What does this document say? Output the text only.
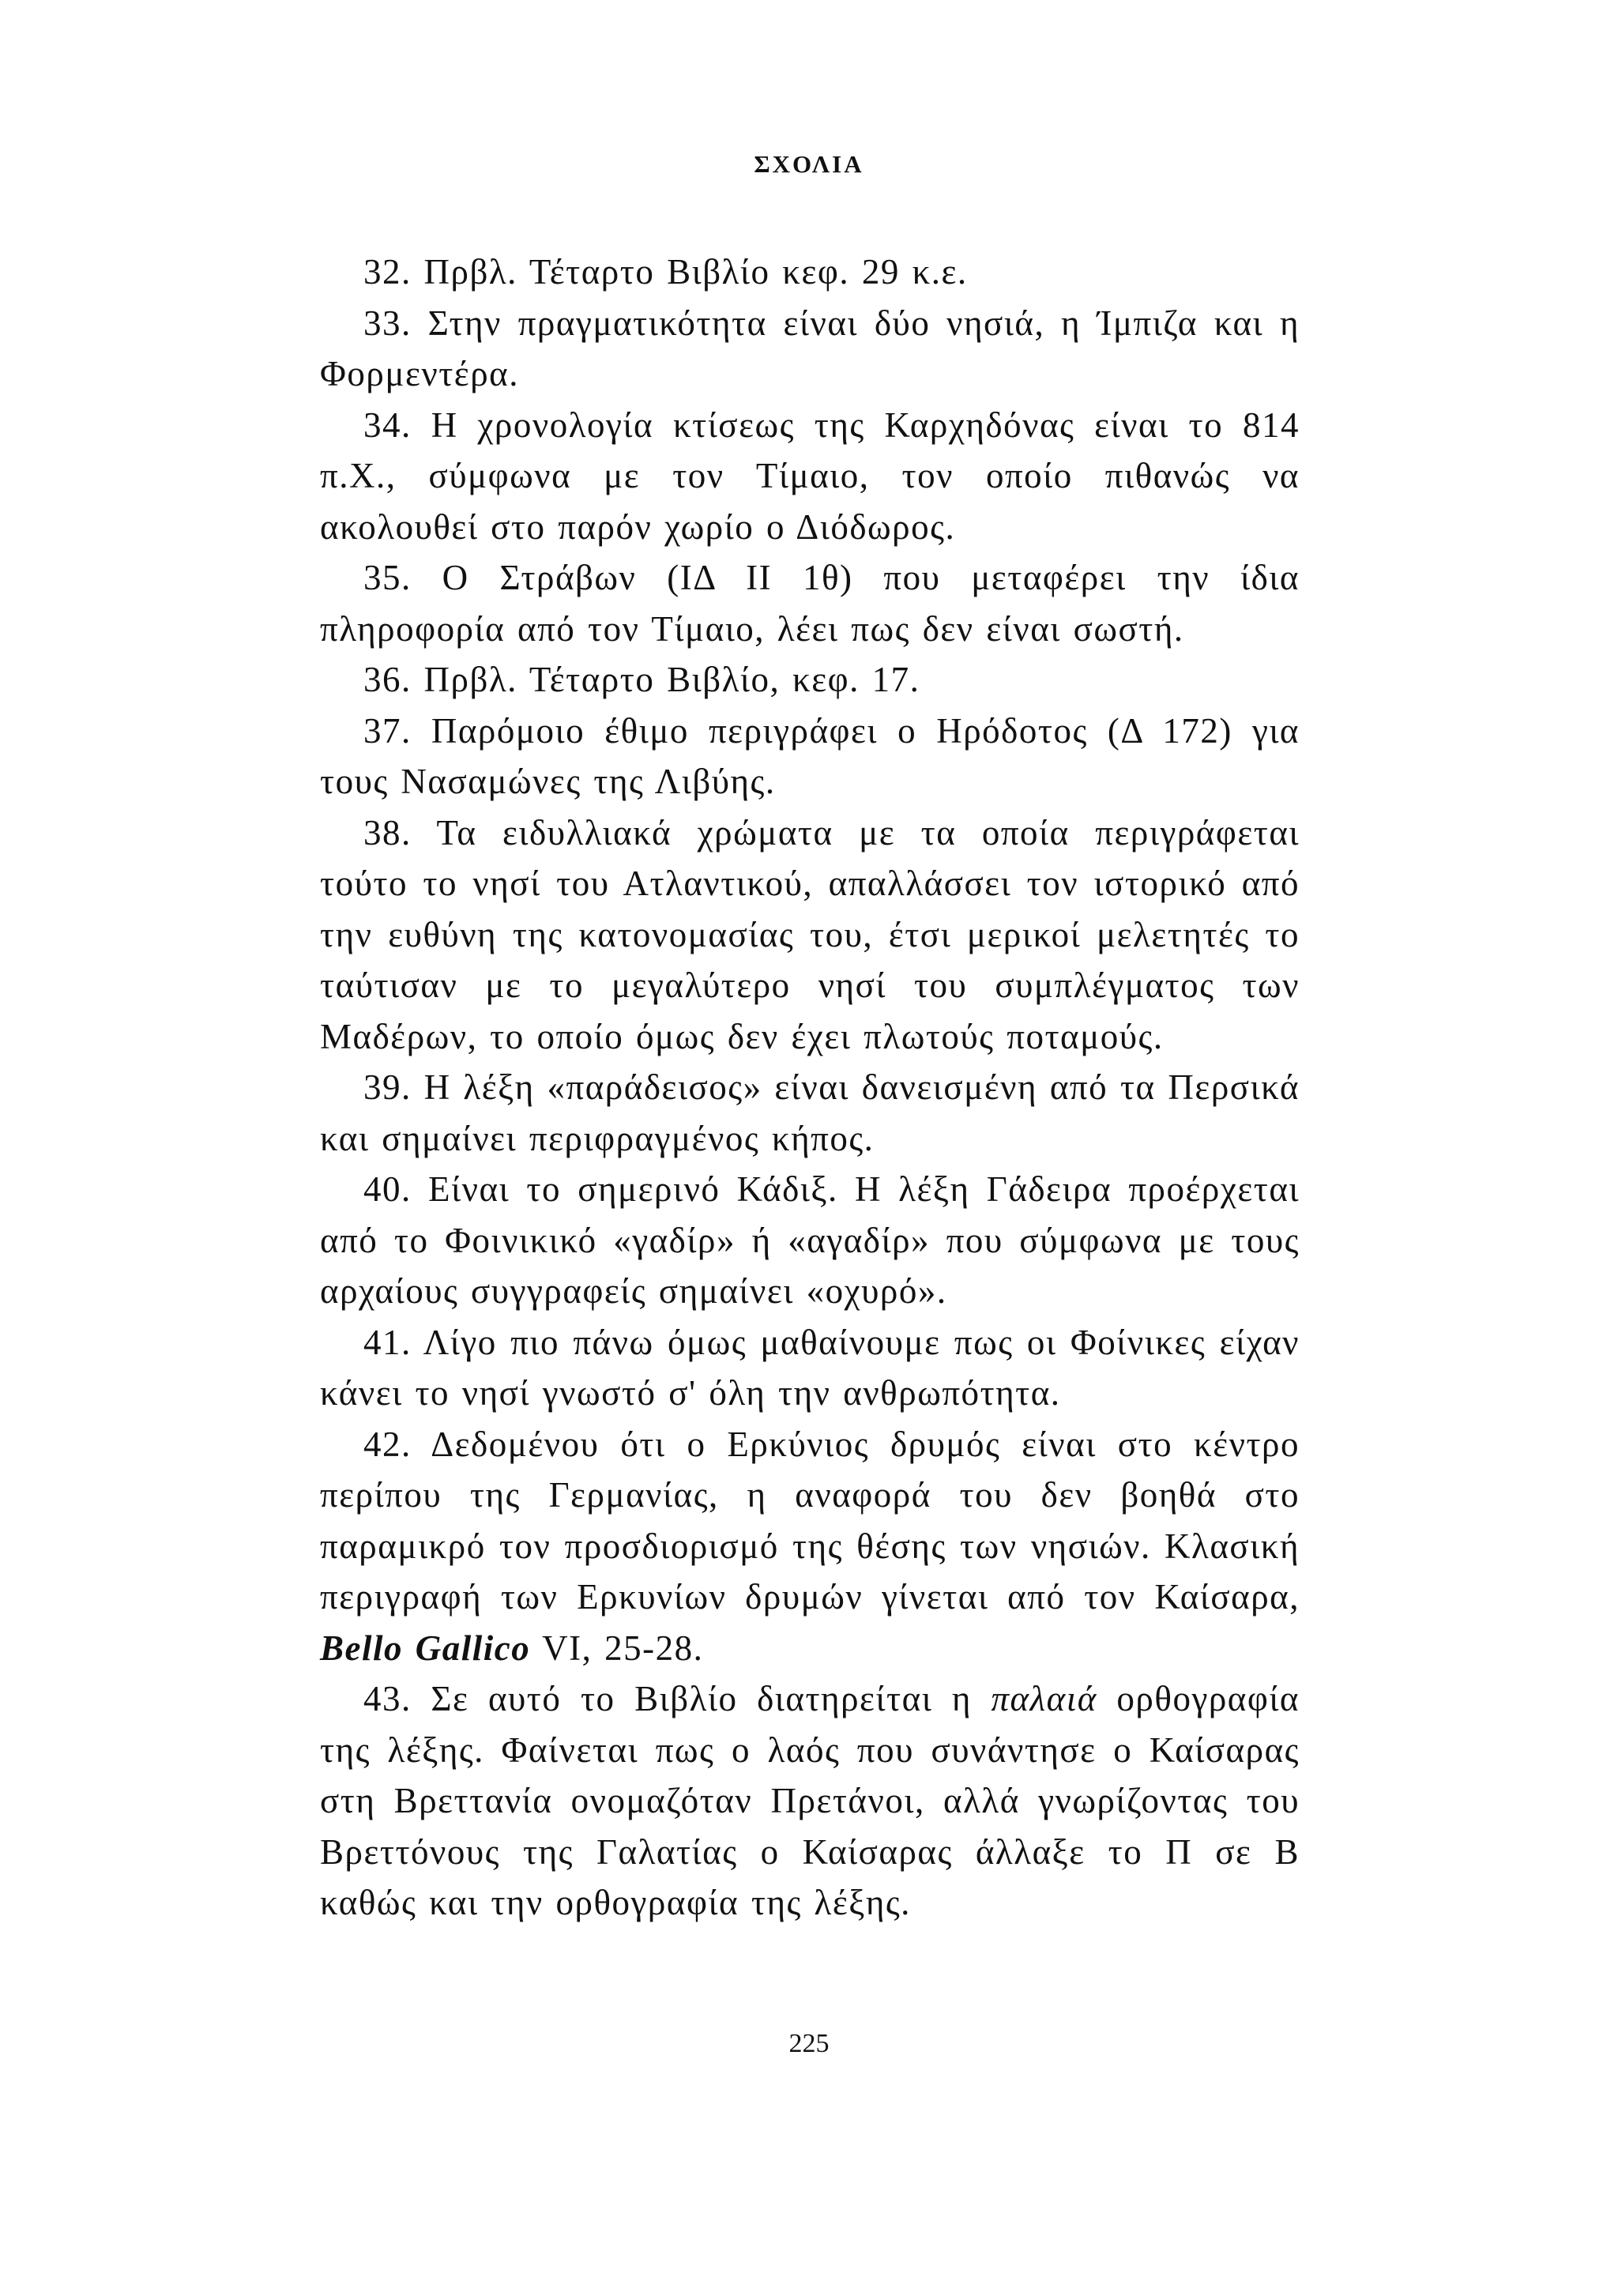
ΣΧΟΛΙΑ

32. Πρβλ. Τέταρτο Βιβλίο κεφ. 29 κ.ε.

33. Στην πραγματικότητα είναι δύο νησιά, η Ίμπιζα και η Φορμεντέρα.

34. Η χρονολογία κτίσεως της Καρχηδόνας είναι το 814 π.Χ., σύμφωνα με τον Τίμαιο, τον οποίο πιθανώς να ακολουθεί στο παρόν χωρίο ο Διόδωρος.

35. Ο Στράβων (ΙΔ ΙΙ 1θ) που μεταφέρει την ίδια πληροφορία από τον Τίμαιο, λέει πως δεν είναι σωστή.

36. Πρβλ. Τέταρτο Βιβλίο, κεφ. 17.

37. Παρόμοιο έθιμο περιγράφει ο Ηρόδοτος (Δ 172) για τους Νασαμώνες της Λιβύης.

38. Τα ειδυλλιακά χρώματα με τα οποία περιγράφεται τούτο το νησί του Ατλαντικού, απαλλάσσει τον ιστορικό από την ευθύνη της κατονομασίας του, έτσι μερικοί μελετητές το ταύτισαν με το μεγαλύτερο νησί του συμπλέγματος των Μαδέρων, το οποίο όμως δεν έχει πλωτούς ποταμούς.

39. Η λέξη «παράδεισος» είναι δανεισμένη από τα Περσικά και σημαίνει περιφραγμένος κήπος.

40. Είναι το σημερινό Κάδιξ. Η λέξη Γάδειρα προέρχεται από το Φοινικικό «γαδίρ» ή «αγαδίρ» που σύμφωνα με τους αρχαίους συγγραφείς σημαίνει «οχυρό».

41. Λίγο πιο πάνω όμως μαθαίνουμε πως οι Φοίνικες είχαν κάνει το νησί γνωστό σ' όλη την ανθρωπότητα.

42. Δεδομένου ότι ο Ερκύνιος δρυμός είναι στο κέντρο περίπου της Γερμανίας, η αναφορά του δεν βοηθά στο παραμικρό τον προσδιορισμό της θέσης των νησιών. Κλασική περιγραφή των Ερκυνίων δρυμών γίνεται από τον Καίσαρα, Bello Gallico VI, 25-28.

43. Σε αυτό το Βιβλίο διατηρείται η παλαιά ορθογραφία της λέξης. Φαίνεται πως ο λαός που συνάντησε ο Καίσαρας στη Βρεττανία ονομαζόταν Πρετάνοι, αλλά γνωρίζοντας του Βρεττόνους της Γαλατίας ο Καίσαρας άλλαξε το Π σε Β καθώς και την ορθογραφία της λέξης.

225
